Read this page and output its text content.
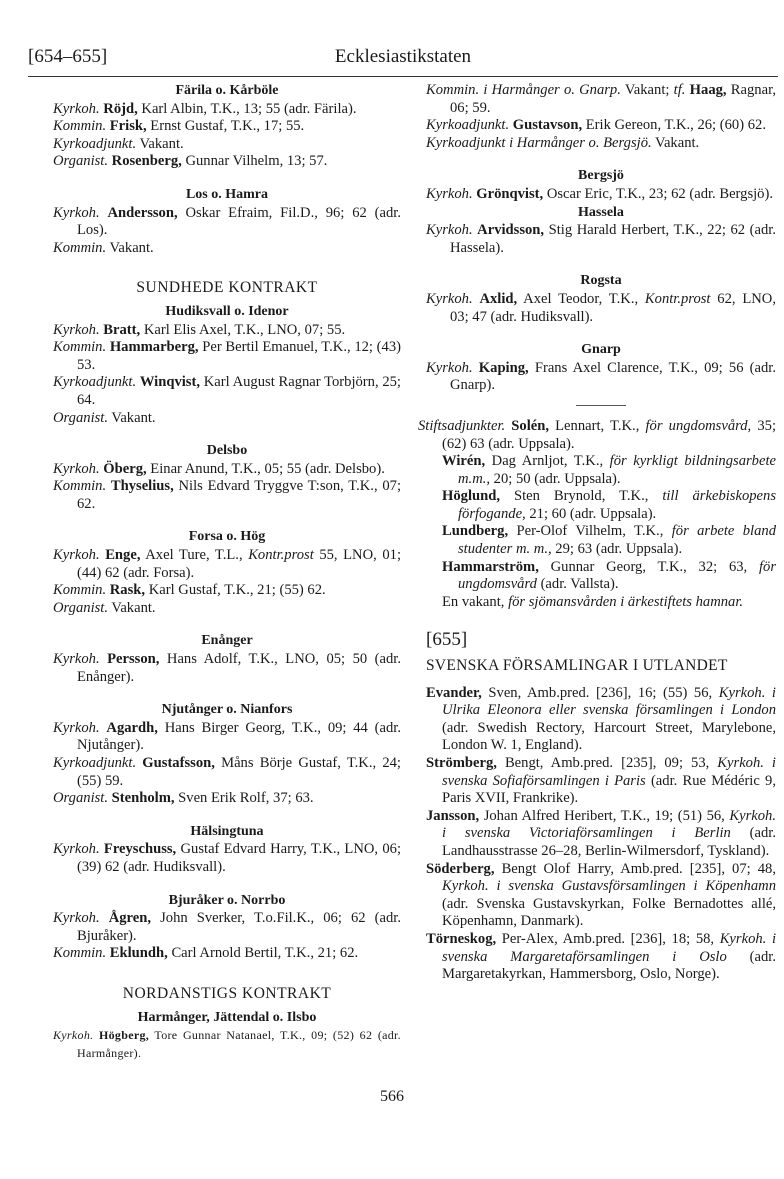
[654–655]	Ecklesiastikstaten
Färila o. Kårböle
Kyrkoh. Röjd, Karl Albin, T.K., 13; 55 (adr. Färila).
Kommin. Frisk, Ernst Gustaf, T.K., 17; 55.
Kyrkoadjunkt. Vakant.
Organist. Rosenberg, Gunnar Vilhelm, 13; 57.
Los o. Hamra
Kyrkoh. Andersson, Oskar Efraim, Fil.D., 96; 62 (adr. Los).
Kommin. Vakant.
SUNDHEDE KONTRAKT
Hudiksvall o. Idenor
Kyrkoh. Bratt, Karl Elis Axel, T.K., LNO, 07; 55.
Kommin. Hammarberg, Per Bertil Emanuel, T.K., 12; (43) 53.
Kyrkoadjunkt. Winqvist, Karl August Ragnar Torbjörn, 25; 64.
Organist. Vakant.
Delsbo
Kyrkoh. Öberg, Einar Anund, T.K., 05; 55 (adr. Delsbo).
Kommin. Thyselius, Nils Edvard Tryggve T:son, T.K., 07; 62.
Forsa o. Hög
Kyrkoh. Enge, Axel Ture, T.L., Kontr.prost 55, LNO, 01; (44) 62 (adr. Forsa).
Kommin. Rask, Karl Gustaf, T.K., 21; (55) 62.
Organist. Vakant.
Enånger
Kyrkoh. Persson, Hans Adolf, T.K., LNO, 05; 50 (adr. Enånger).
Njutånger o. Nianfors
Kyrkoh. Agardh, Hans Birger Georg, T.K., 09; 44 (adr. Njutånger).
Kyrkoadjunkt. Gustafsson, Måns Börje Gustaf, T.K., 24; (55) 59.
Organist. Stenholm, Sven Erik Rolf, 37; 63.
Hälsingtuna
Kyrkoh. Freyschuss, Gustaf Edvard Harry, T.K., LNO, 06; (39) 62 (adr. Hudiksvall).
Bjuråker o. Norrbo
Kyrkoh. Ågren, John Sverker, T.o.Fil.K., 06; 62 (adr. Bjuråker).
Kommin. Eklundh, Carl Arnold Bertil, T.K., 21; 62.
NORDANSTIGS KONTRAKT
Harmånger, Jättendal o. Ilsbo
Kyrkoh. Högberg, Tore Gunnar Natanael, T.K., 09; (52) 62 (adr. Harmånger).
Kommin. i Harmånger o. Gnarp. Vakant; tf. Haag, Ragnar, 06; 59.
Kyrkoadjunkt. Gustavson, Erik Gereon, T.K., 26; (60) 62.
Kyrkoadjunkt i Harmånger o. Bergsjö. Vakant.
Bergsjö
Kyrkoh. Grönqvist, Oscar Eric, T.K., 23; 62 (adr. Bergsjö).
Hassela
Kyrkoh. Arvidsson, Stig Harald Herbert, T.K., 22; 62 (adr. Hassela).
Rogsta
Kyrkoh. Axlid, Axel Teodor, T.K., Kontr.prost 62, LNO, 03; 47 (adr. Hudiksvall).
Gnarp
Kyrkoh. Kaping, Frans Axel Clarence, T.K., 09; 56 (adr. Gnarp).
Stiftsadjunkter. Solén, Lennart, T.K., för ungdomsvård, 35; (62) 63 (adr. Uppsala).
Wirén, Dag Arnljot, T.K., för kyrkligt bildningsarbete m.m., 20; 50 (adr. Uppsala).
Höglund, Sten Brynold, T.K., till ärkebiskopens förfogande, 21; 60 (adr. Uppsala).
Lundberg, Per-Olof Vilhelm, T.K., för arbete bland studenter m. m., 29; 63 (adr. Uppsala).
Hammarström, Gunnar Georg, T.K., 32; 63, för ungdomsvård (adr. Vallsta).
En vakant, för sjömansvården i ärkestiftets hamnar.
[655]
SVENSKA FÖRSAMLINGAR I UTLANDET
Evander, Sven, Amb.pred. [236], 16; (55) 56, Kyrkoh. i Ulrika Eleonora eller svenska församlingen i London (adr. Swedish Rectory, Harcourt Street, Marylebone, London W. 1, England).
Strömberg, Bengt, Amb.pred. [235], 09; 53, Kyrkoh. i svenska Sofiaförsamlingen i Paris (adr. Rue Médéric 9, Paris XVII, Frankrike).
Jansson, Johan Alfred Heribert, T.K., 19; (51) 56, Kyrkoh. i svenska Victoriaförsamlingen i Berlin (adr. Landhausstrasse 26–28, Berlin-Wilmersdorf, Tyskland).
Söderberg, Bengt Olof Harry, Amb.pred. [235], 07; 48, Kyrkoh. i svenska Gustavsförsamlingen i Köpenhamn (adr. Svenska Gustavskyrkan, Folke Bernadottes allé, Köpenhamn, Danmark).
Törneskog, Per-Alex, Amb.pred. [236], 18; 58, Kyrkoh. i svenska Margaretaförsamlingen i Oslo (adr. Margaretakyrkan, Hammersborg, Oslo, Norge).
566
